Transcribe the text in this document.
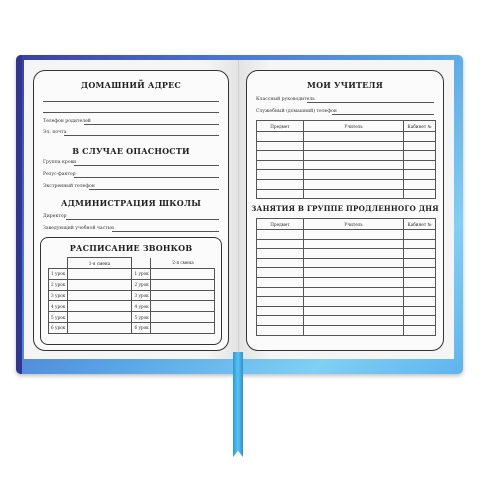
ДОМАШНИЙ АДРЕС
Телефон родителей
Эл. почта
В СЛУЧАЕ ОПАСНОСТИ
Группа крови
Резус-фактор
Экстренный телефон
АДМИНИСТРАЦИЯ ШКОЛЫ
Директор
Заведующий учебной частью
РАСПИСАНИЕ ЗВОНКОВ
	1-я смена		2-я смена
1 урок		1 урок	
2 урок		2 урок	
3 урок		3 урок	
4 урок		4 урок	
5 урок		5 урок	
6 урок		6 урок	
МОИ УЧИТЕЛЯ
Классный руководитель
Служебный (домашний) телефон
Предмет	Учитель	Кабинет №

ЗАНЯТИЯ В ГРУППЕ ПРОДЛЕННОГО ДНЯ
Предмет	Учитель	Кабинет №
